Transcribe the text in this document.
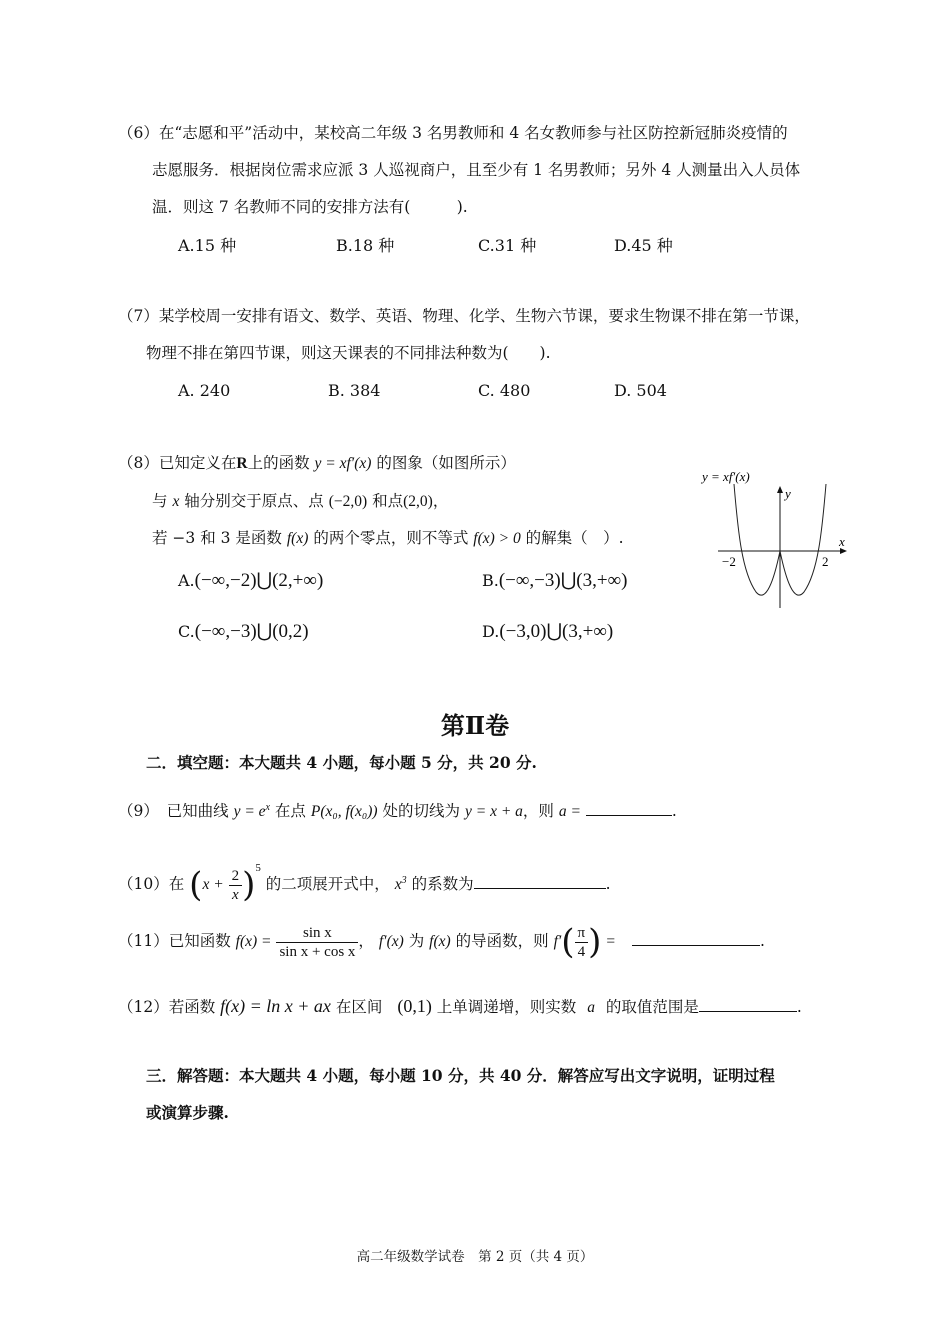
（6）在“志愿和平”活动中，某校高二年级 3 名男教师和 4 名女教师参与社区防控新冠肺炎疫情的
志愿服务．根据岗位需求应派 3 人巡视商户，且至少有 1 名男教师；另外 4 人测量出入人员体
温．则这 7 名教师不同的安排方法有(　　　).
A.15 种	B.18 种	C.31 种	D.45 种
（7）某学校周一安排有语文、数学、英语、物理、化学、生物六节课，要求生物课不排在第一节课，
物理不排在第四节课，则这天课表的不同排法种数为(　　).
A. 240	B. 384	C. 480	D. 504
（8）已知定义在R上的函数 y = xf′(x) 的图象（如图所示）
与 x 轴分别交于原点、点 (−2,0) 和点(2,0)，
若 −3 和 3 是函数 f(x) 的两个零点，则不等式 f(x) > 0 的解集（　）.
A.(−∞,−2)⋃(2,+∞)	B.(−∞,−3)⋃(3,+∞)
C.(−∞,−3)⋃(0,2)	D.(−3,0)⋃(3,+∞)
y = xf′(x)
y
x
−2	2
第Ⅱ卷
二．填空题：本大题共 4 小题，每小题 5 分，共 20 分.
（9）　已知曲线 $y = e^x$ 在点 P(x₀, f(x₀)) 处的切线为 y = x + a，则 a =	.
（10）在 $(x + \frac{2}{x} )^5$ 的二项展开式中， $x^3$ 的系数为	.
（11）已知函数 $f(x) = \frac{\text{sin x}}{\text{sin x + cos x}}$ ， f′(x) 为 f(x) 的导函数，则 $f'( \frac{\pi}{4}$ ) =	.
（12）若函数 f(x) = ln x + ax 在区间 (0,1) 上单调递增，则实数 a 的取值范围是	.
三．解答题：本大题共 4 小题，每小题 10 分，共 40 分．解答应写出文字说明，证明过程
或演算步骤.
高二年级数学试卷　第 2 页（共 4 页）
